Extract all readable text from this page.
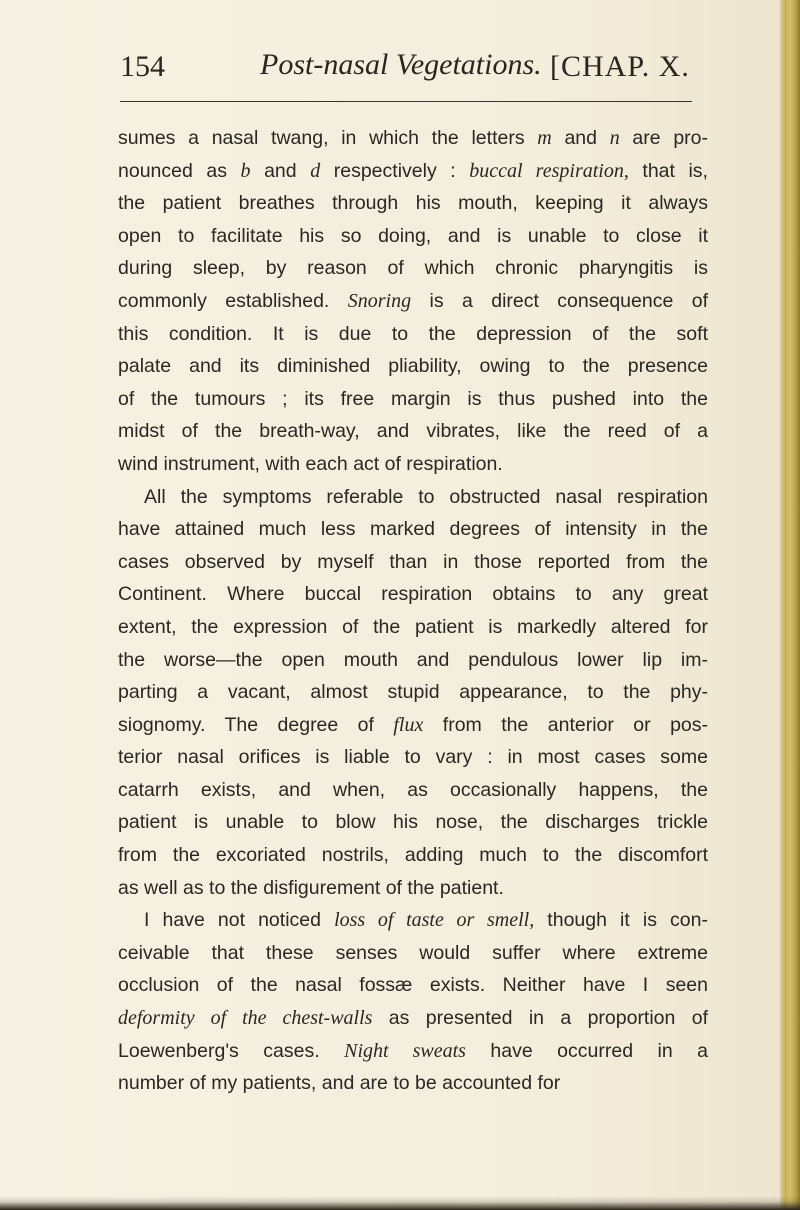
154	Post-nasal Vegetations. [CHAP. X.
sumes a nasal twang, in which the letters m and n are pro-
nounced as b and d respectively : buccal respiration, that is,
the patient breathes through his mouth, keeping it always
open to facilitate his so doing, and is unable to close it
during sleep, by reason of which chronic pharyngitis is
commonly established. Snoring is a direct consequence of
this condition. It is due to the depression of the soft
palate and its diminished pliability, owing to the presence
of the tumours ; its free margin is thus pushed into the
midst of the breath-way, and vibrates, like the reed of a
wind instrument, with each act of respiration.
All the symptoms referable to obstructed nasal respiration
have attained much less marked degrees of intensity in the
cases observed by myself than in those reported from the
Continent. Where buccal respiration obtains to any great
extent, the expression of the patient is markedly altered for
the worse—the open mouth and pendulous lower lip im-
parting a vacant, almost stupid appearance, to the phy-
siognomy. The degree of flux from the anterior or pos-
terior nasal orifices is liable to vary : in most cases some
catarrh exists, and when, as occasionally happens, the
patient is unable to blow his nose, the discharges trickle
from the excoriated nostrils, adding much to the discomfort
as well as to the disfigurement of the patient.
I have not noticed loss of taste or smell, though it is con-
ceivable that these senses would suffer where extreme
occlusion of the nasal fossæ exists. Neither have I seen
deformity of the chest-walls as presented in a proportion of
Loewenberg's cases. Night sweats have occurred in a
number of my patients, and are to be accounted for
